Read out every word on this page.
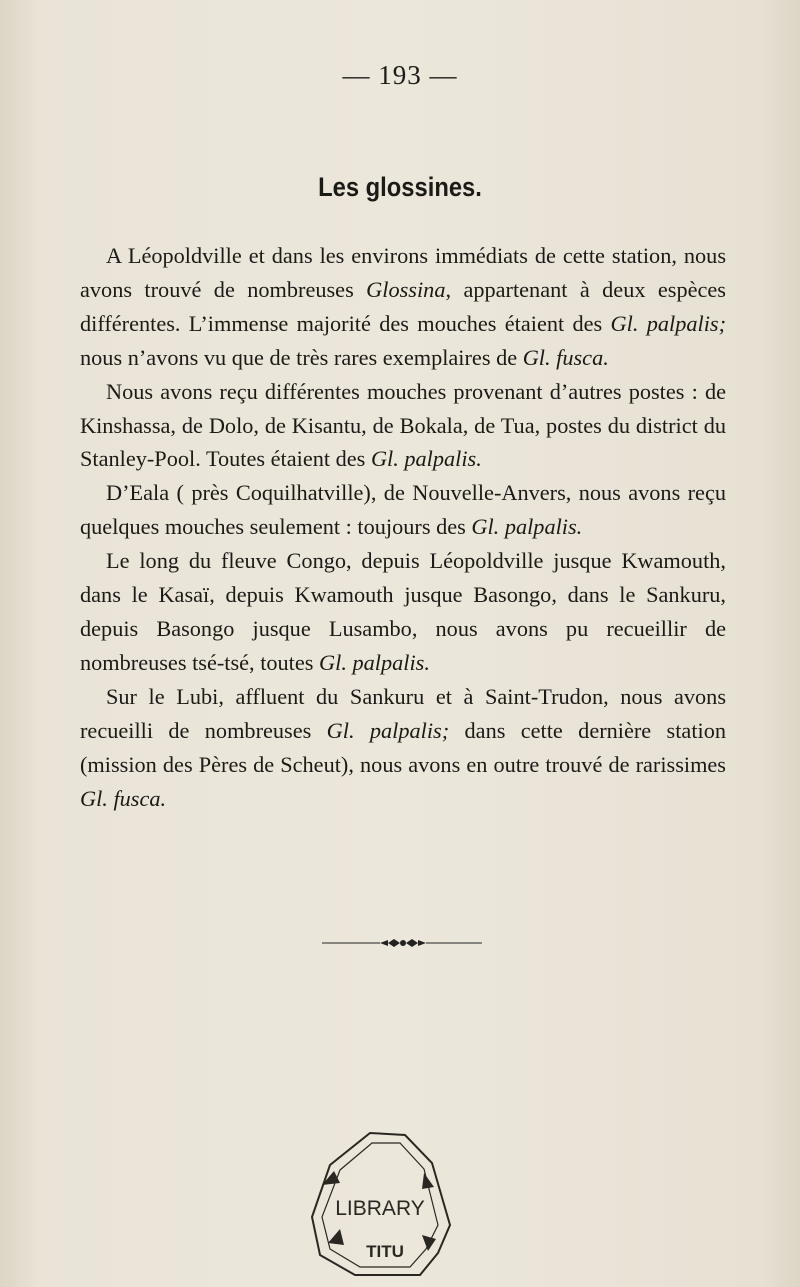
— 193 —
Les glossines.

A Léopoldville et dans les environs immédiats de cette station, nous avons trouvé de nombreuses Glossina, appartenant à deux espèces différentes. L’immense majorité des mouches étaient des Gl. palpalis; nous n’avons vu que de très rares exemplaires de Gl. fusca.

Nous avons reçu différentes mouches provenant d’autres postes : de Kinshassa, de Dolo, de Kisantu, de Bokala, de Tua, postes du district du Stanley-Pool. Toutes étaient des Gl. palpalis.

D’Eala ( près Coquilhatville), de Nouvelle-Anvers, nous avons reçu quelques mouches seulement : toujours des Gl. palpalis.

Le long du fleuve Congo, depuis Léopoldville jusque Kwamouth, dans le Kasaï, depuis Kwamouth jusque Basongo, dans le Sankuru, depuis Basongo jusque Lusambo, nous avons pu recueillir de nombreuses tsé-tsé, toutes Gl. palpalis.

Sur le Lubi, affluent du Sankuru et à Saint-Trudon, nous avons recueilli de nombreuses Gl. palpalis; dans cette dernière station (mission des Pères de Scheut), nous avons en outre trouvé de rarissimes Gl. fusca.

LIBRARY
TITU
